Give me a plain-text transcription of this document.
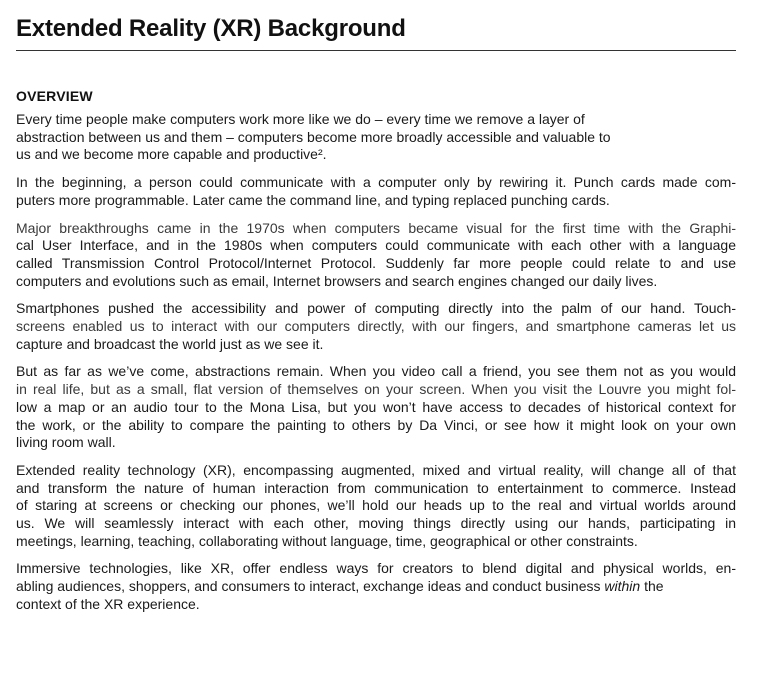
Extended Reality (XR) Background
OVERVIEW

Every time people make computers work more like we do – every time we remove a layer of
abstraction between us and them – computers become more broadly accessible and valuable to
us and we become more capable and productive².

In the beginning, a person could communicate with a computer only by rewiring it. Punch cards made com-
puters more programmable. Later came the command line, and typing replaced punching cards.

Major breakthroughs came in the 1970s when computers became visual for the first time with the Graphi-
cal User Interface, and in the 1980s when computers could communicate with each other with a language
called Transmission Control Protocol/Internet Protocol. Suddenly far more people could relate to and use
computers and evolutions such as email, Internet browsers and search engines changed our daily lives.

Smartphones pushed the accessibility and power of computing directly into the palm of our hand. Touch-
screens enabled us to interact with our computers directly, with our fingers, and smartphone cameras let us
capture and broadcast the world just as we see it.

But as far as we’ve come, abstractions remain. When you video call a friend, you see them not as you would
in real life, but as a small, flat version of themselves on your screen. When you visit the Louvre you might fol-
low a map or an audio tour to the Mona Lisa, but you won’t have access to decades of historical context for
the work, or the ability to compare the painting to others by Da Vinci, or see how it might look on your own
living room wall.

Extended reality technology (XR), encompassing augmented, mixed and virtual reality, will change all of that
and transform the nature of human interaction from communication to entertainment to commerce. Instead
of staring at screens or checking our phones, we’ll hold our heads up to the real and virtual worlds around
us. We will seamlessly interact with each other, moving things directly using our hands, participating in
meetings, learning, teaching, collaborating without language, time, geographical or other constraints.

Immersive technologies, like XR, offer endless ways for creators to blend digital and physical worlds, en-
abling audiences, shoppers, and consumers to interact, exchange ideas and conduct business within the
context of the XR experience.
